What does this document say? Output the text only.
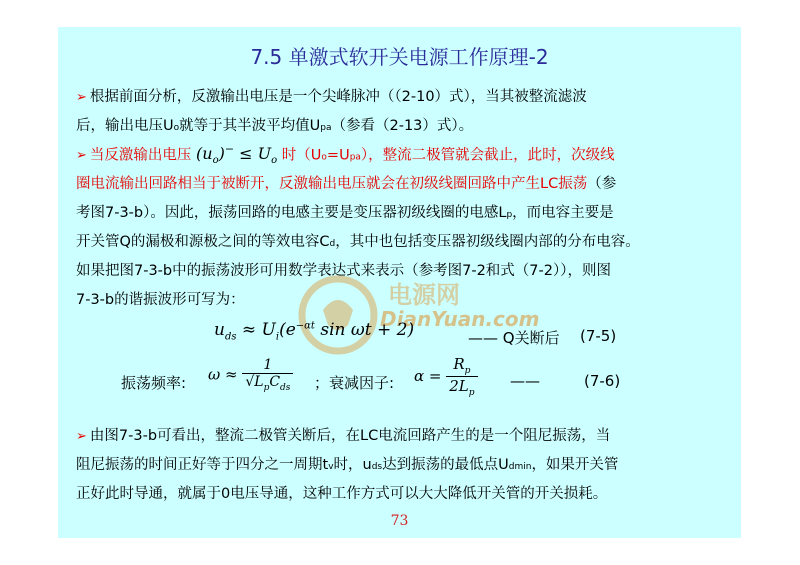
7.5 单激式软开关电源工作原理-2
➢ 根据前面分析，反激输出电压是一个尖峰脉冲（（2-10）式），当其被整流滤波
后，输出电压Uo就等于其半波平均值Upa（参看（2-13）式）。
➢ 当反激输出电压 $(u_o)^- \le U_o$ 时（Uo=Upa），整流二极管就会截止，此时，次级线
圈电流输出回路相当于被断开，反激输出电压就会在初级线圈回路中产生LC振荡（参
考图7-3-b）。因此，振荡回路的电感主要是变压器初级线圈的电感Lp，而电容主要是
开关管Q的漏极和源极之间的等效电容Cd，其中也包括变压器初级线圈内部的分布电容。
如果把图7-3-b中的振荡波形可用数学表达式来表示（参考图7-2和式（7-2）），则图
7-3-b的谐振波形可写为：	电源网
DianYuan.com
$u_{ds} \approx U_i(e^{-\alpha t}$ sin ωt + 2)	—— Q关断后 (7-5)
振荡频率: $\omega \approx \frac{1}{√L_pC_{ds}}$ ；衰减因子: $\alpha = \frac{R_p}{2L_p}$ ——	(7-6)
➢ 由图7-3-b可看出，整流二极管关断后，在LC电流回路产生的是一个阻尼振荡，当
阻尼振荡的时间正好等于四分之一周期tv时，uds达到振荡的最低点Udmin，如果开关管
正好此时导通，就属于0电压导通，这种工作方式可以大大降低开关管的开关损耗。
73
